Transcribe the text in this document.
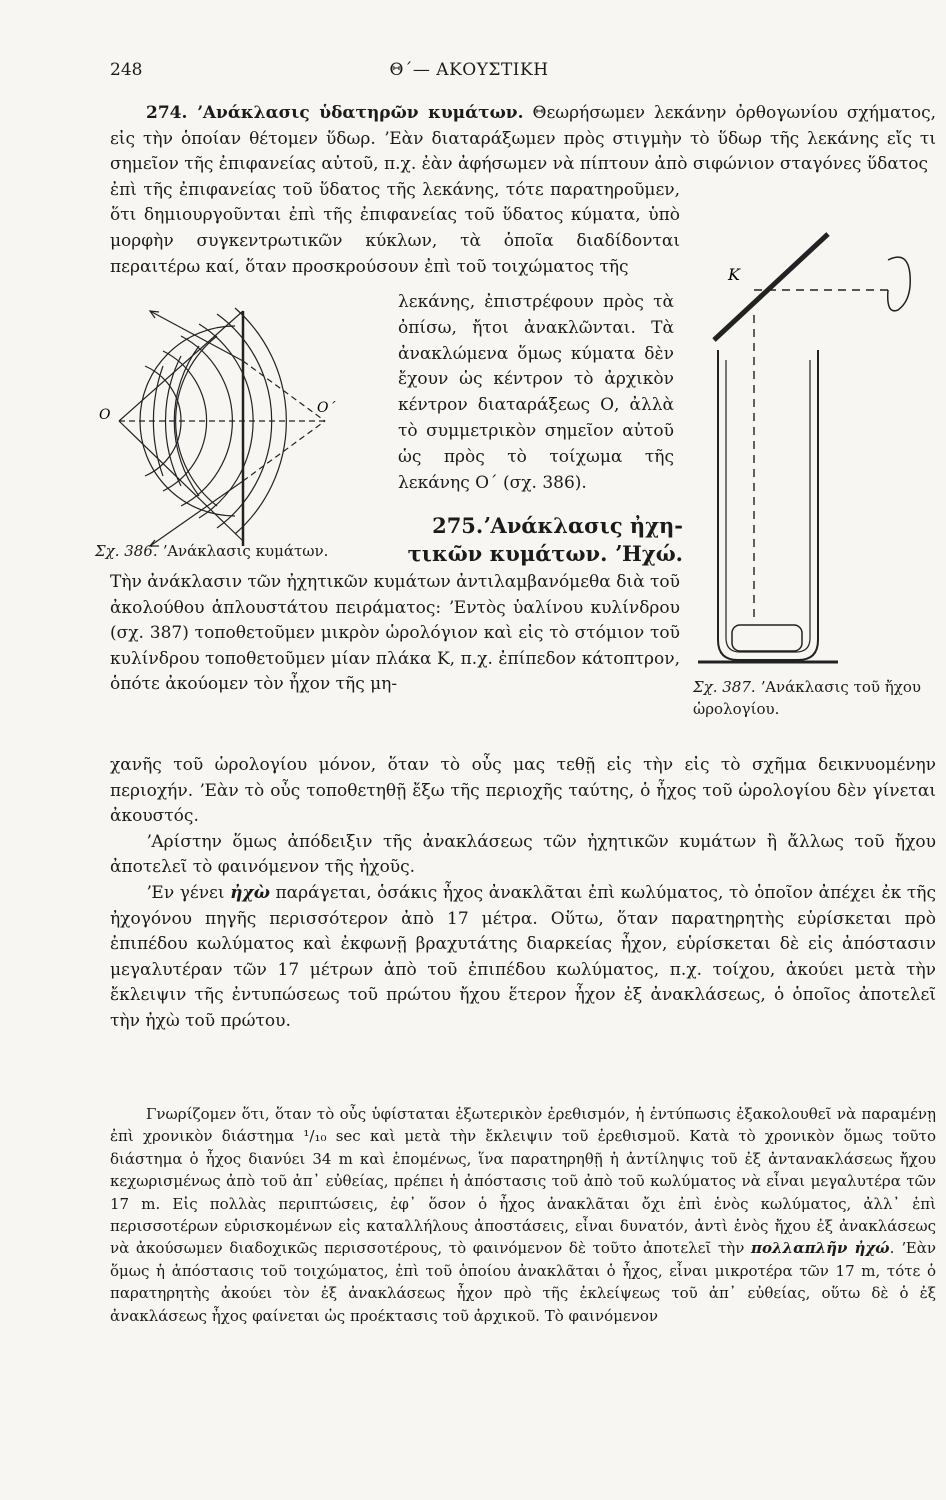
248	Θ΄— ΑΚΟΥΣΤΙΚΗ

274. ʼΑνάκλασις ὑδατηρῶν κυμάτων. Θεωρήσωμεν λεκάνην ὀρθογωνίου σχήματος, εἰς τὴν ὁποίαν θέτομεν ὕδωρ. ʼΕὰν διαταράξωμεν πρὸς στιγμὴν τὸ ὕδωρ τῆς λεκάνης εἴς τι σημεῖον τῆς ἐπιφανείας αὐτοῦ, π.χ. ἐὰν ἀφήσωμεν νὰ πίπτουν ἀπὸ σιφώνιον σταγόνες ὕδατος

ἐπὶ τῆς ἐπιφανείας τοῦ ὕδατος τῆς λεκάνης, τότε παρατηροῦμεν, ὅτι δημιουργοῦνται ἐπὶ τῆς ἐπιφανείας τοῦ ὕδατος κύματα, ὑπὸ μορφὴν συγκεντρωτικῶν κύκλων, τὰ ὁποῖα διαδίδονται περαιτέρω καί, ὅταν προσκρούσουν ἐπὶ τοῦ τοιχώματος τῆς

λεκάνης, ἐπιστρέφουν πρὸς τὰ ὀπίσω, ἤτοι ἀνακλῶνται. Τὰ ἀνακλώμενα ὅμως κύματα δὲν ἔχουν ὡς κέντρον τὸ ἀρχικὸν κέντρον διαταράξεως Ο, ἀλλὰ τὸ συμμετρικὸν σημεῖον αὐτοῦ ὡς πρὸς τὸ τοίχωμα τῆς λεκάνης Ο΄ (σχ. 386).
Ο	Ο΄
Σχ. 386. ʼΑνάκλασις κυμάτων.
275.ʼΑνάκλασις ἠχη-
τικῶν κυμάτων. ʼΗχώ.
Τὴν ἀνάκλασιν τῶν ἠχητικῶν κυμάτων ἀντιλαμβανόμεθα διὰ τοῦ ἀκολούθου ἁπλουστάτου πειράματος: ʼΕντὸς ὑαλίνου κυλίνδρου (σχ. 387) τοποθετοῦμεν μικρὸν ὡρολόγιον καὶ εἰς τὸ στόμιον τοῦ κυλίνδρου τοποθετοῦμεν μίαν πλάκα Κ, π.χ. ἐπίπεδον κάτοπτρον, ὁπότε ἀκούομεν τὸν ἦχον τῆς μη-

χανῆς τοῦ ὡρολογίου μόνον, ὅταν τὸ οὖς μας τεθῇ εἰς τὴν εἰς τὸ σχῆμα δεικνυομένην περιοχήν. ʼΕὰν τὸ οὖς τοποθετηθῇ ἔξω τῆς περιοχῆς ταύτης, ὁ ἦχος τοῦ ὡρολογίου δὲν γίνεται ἀκουστός.

ʼΑρίστην ὅμως ἀπόδειξιν τῆς ἀνακλάσεως τῶν ἠχητικῶν κυμάτων ἢ ἄλλως τοῦ ἤχου ἀποτελεῖ τὸ φαινόμενον τῆς ἠχοῦς.

ʼΕν γένει ἠχὼ παράγεται, ὁσάκις ἦχος ἀνακλᾶται ἐπὶ κωλύματος, τὸ ὁποῖον ἀπέχει ἐκ τῆς ἠχογόνου πηγῆς περισσότερον ἀπὸ 17 μέτρα. Οὕτω, ὅταν παρατηρητὴς εὑρίσκεται πρὸ ἐπιπέδου κωλύματος καὶ ἐκφωνῇ βραχυτάτης διαρκείας ἦχον, εὑρίσκεται δὲ εἰς ἀπόστασιν μεγαλυτέραν τῶν 17 μέτρων ἀπὸ τοῦ ἐπιπέδου κωλύματος, π.χ. τοίχου, ἀκούει μετὰ τὴν ἔκλειψιν τῆς ἐντυπώσεως τοῦ πρώτου ἤχου ἕτερον ἦχον ἐξ ἀνακλάσεως, ὁ ὁποῖος ἀποτελεῖ τὴν ἠχὼ τοῦ πρώτου.

Κ
Σχ. 387. ʼΑνάκλασις τοῦ ἤχου ὡρολογίου.

Γνωρίζομεν ὅτι, ὅταν τὸ οὖς ὑφίσταται ἐξωτερικὸν ἐρεθισμόν, ἡ ἐντύπωσις ἐξακολουθεῖ νὰ παραμένῃ ἐπὶ χρονικὸν διάστημα ¹/₁₀ sec καὶ μετὰ τὴν ἔκλειψιν τοῦ ἐρεθισμοῦ. Κατὰ τὸ χρονικὸν ὅμως τοῦτο διάστημα ὁ ἦχος διανύει 34 m καὶ ἑπομένως, ἵνα παρατηρηθῇ ἡ ἀντίληψις τοῦ ἐξ ἀντανακλάσεως ἤχου κεχωρισμένως ἀπὸ τοῦ ἀπ᾽ εὐθείας, πρέπει ἡ ἀπόστασις τοῦ ἀπὸ τοῦ κωλύματος νὰ εἶναι μεγαλυτέρα τῶν 17 m. Εἰς πολλὰς περιπτώσεις, ἐφ᾽ ὅσον ὁ ἦχος ἀνακλᾶται ὄχι ἐπὶ ἑνὸς κωλύματος, ἀλλ᾽ ἐπὶ περισσοτέρων εὑρισκομένων εἰς καταλλήλους ἀποστάσεις, εἶναι δυνατόν, ἀντὶ ἑνὸς ἤχου ἐξ ἀνακλάσεως νὰ ἀκούσωμεν διαδοχικῶς περισσοτέρους, τὸ φαινόμενον δὲ τοῦτο ἀποτελεῖ τὴν πολλαπλῆν ἠχώ. ʼΕὰν ὅμως ἡ ἀπόστασις τοῦ τοιχώματος, ἐπὶ τοῦ ὁποίου ἀνακλᾶται ὁ ἦχος, εἶναι μικροτέρα τῶν 17 m, τότε ὁ παρατηρητὴς ἀκούει τὸν ἐξ ἀνακλάσεως ἦχον πρὸ τῆς ἐκλείψεως τοῦ ἀπ᾽ εὐθείας, οὕτω δὲ ὁ ἐξ ἀνακλάσεως ἦχος φαίνεται ὡς προέκτασις τοῦ ἀρχικοῦ. Τὸ φαινόμενον
